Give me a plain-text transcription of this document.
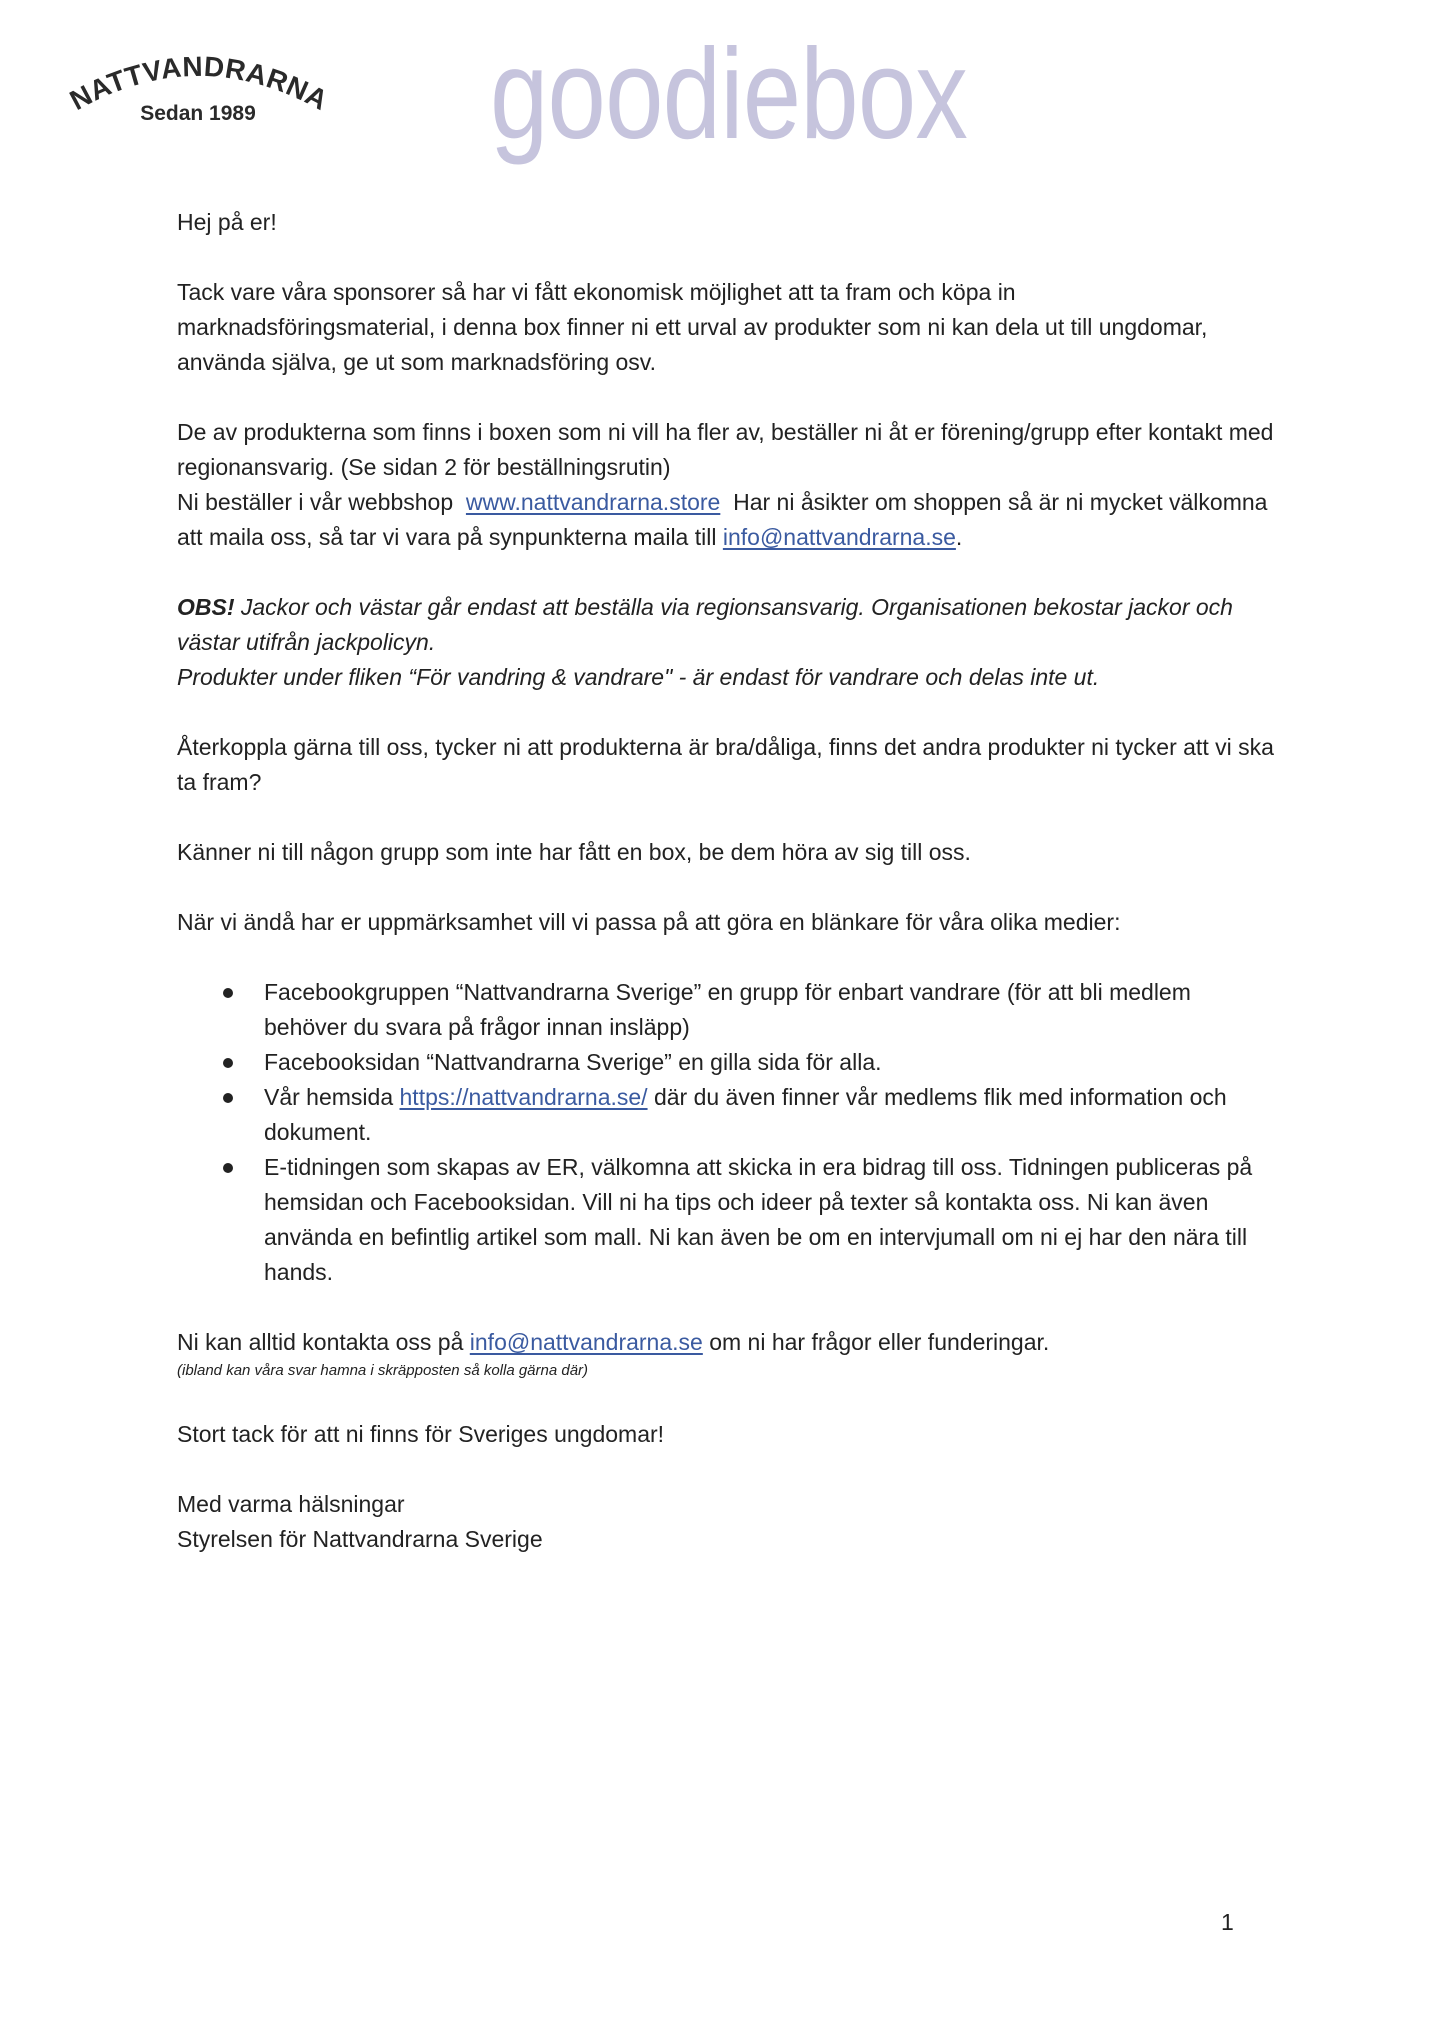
NATTVANDRARNA
Sedan 1989 goodiebox

Hej på er!

Tack vare våra sponsorer så har vi fått ekonomisk möjlighet att ta fram och köpa in marknadsföringsmaterial, i denna box finner ni ett urval av produkter som ni kan dela ut till ungdomar, använda själva, ge ut som marknadsföring osv.

De av produkterna som finns i boxen som ni vill ha fler av, beställer ni åt er förening/grupp efter kontakt med regionansvarig. (Se sidan 2 för beställningsrutin)
Ni beställer i vår webbshop  www.nattvandrarna.store  Har ni åsikter om shoppen så är ni mycket välkomna att maila oss, så tar vi vara på synpunkterna maila till info@nattvandrarna.se.

OBS! Jackor och västar går endast att beställa via regionsansvarig. Organisationen bekostar jackor och västar utifrån jackpolicyn.
Produkter under fliken “För vandring & vandrare" - är endast för vandrare och delas inte ut.

Återkoppla gärna till oss, tycker ni att produkterna är bra/dåliga, finns det andra produkter ni tycker att vi ska ta fram?

Känner ni till någon grupp som inte har fått en box, be dem höra av sig till oss.

När vi ändå har er uppmärksamhet vill vi passa på att göra en blänkare för våra olika medier:

Facebookgruppen “Nattvandrarna Sverige” en grupp för enbart vandrare (för att bli medlem behöver du svara på frågor innan insläpp)
Facebooksidan “Nattvandrarna Sverige” en gilla sida för alla.
Vår hemsida https://nattvandrarna.se/ där du även finner vår medlems flik med information och dokument.
E-tidningen som skapas av ER, välkomna att skicka in era bidrag till oss. Tidningen publiceras på hemsidan och Facebooksidan. Vill ni ha tips och ideer på texter så kontakta oss. Ni kan även använda en befintlig artikel som mall. Ni kan även be om en intervjumall om ni ej har den nära till hands.

Ni kan alltid kontakta oss på info@nattvandrarna.se om ni har frågor eller funderingar.

(ibland kan våra svar hamna i skräpposten så kolla gärna där)

Stort tack för att ni finns för Sveriges ungdomar!

Med varma hälsningar

Styrelsen för Nattvandrarna Sverige

1
